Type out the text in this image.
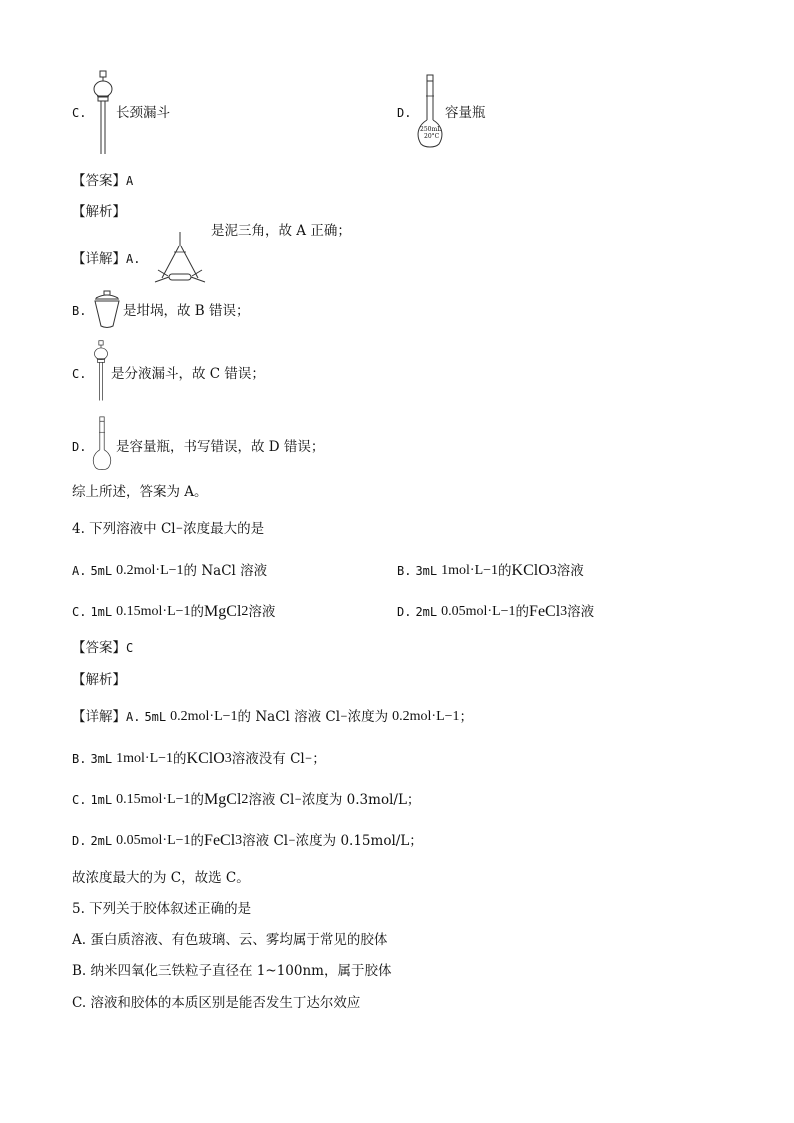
C. 长颈漏斗	D.
250mL
20°C
容量瓶
【答案】 A
【解析】
【详解】 A.
是泥三角，故 A 正确；
B.	是坩埚，故 B 错误；
C. 是分液漏斗，故 C 错误；
D. 是容量瓶，书写错误，故 D 错误；
综上所述，答案为 A。
4. 下列溶液中 Cl − 浓度最大的是
A. 5mL 0.2mol·L −1 的 NaCl 溶液	B. 3mL 1mol·L −1 的 KClO 3 溶液
C. 1mL 0.15mol·L −1 的 MgCl 2 溶液	D. 2mL 0.05mol·L −1 的 FeCl 3 溶液
【答案】 C
【解析】
【详解】 A. 5mL 0.2mol·L −1 的 NaCl 溶液 Cl − 浓度为 0.2mol·L −1 ；
B. 3mL 1mol·L −1 的 KClO 3 溶液没有 Cl − ；
C. 1mL 0.15mol·L −1 的 MgCl 2 溶液 Cl − 浓度为 0.3mol/L；
D. 2mL 0.05mol·L −1 的 FeCl 3 溶液 Cl − 浓度为 0.15mol/L；
故浓度最大的为 C，故选 C。
5. 下列关于胶体叙述正确的是
A. 蛋白质溶液、有色玻璃、云、雾均属于常见的胶体
B. 纳米四氧化三铁粒子直径在 1~100nm，属于胶体
C. 溶液和胶体的本质区别是能否发生丁达尔效应
